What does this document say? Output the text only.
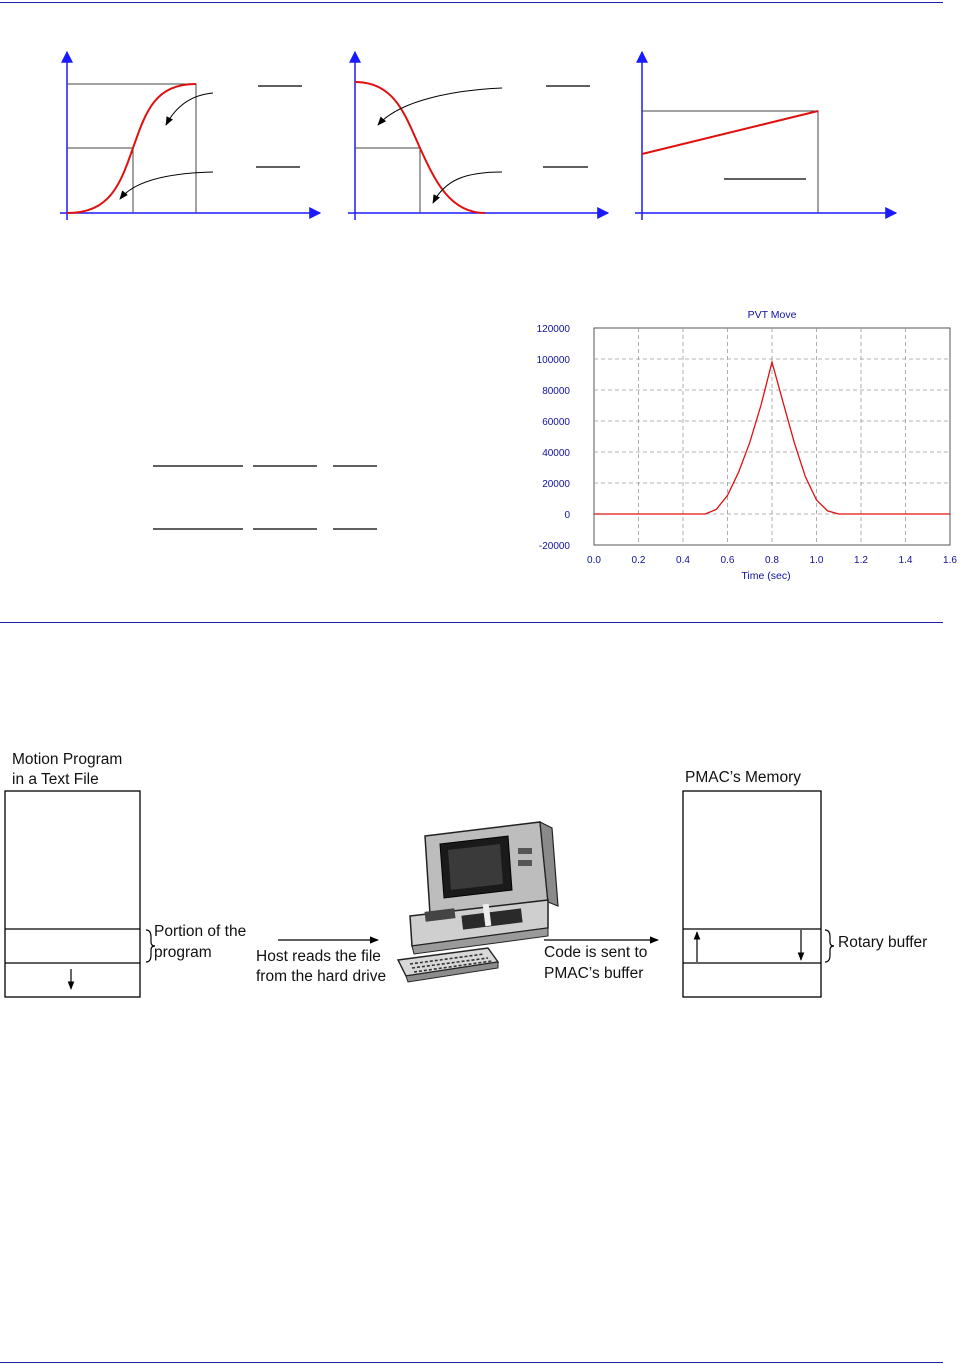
0.0	0.2	0.4	0.6	0.8	1.0	1.2	1.4	1.6
120000
100000
80000
60000
40000
20000
0
-20000
PVT Move
Time (sec)
Motion Program
in a Text File
Portion of the
program	Host reads the file
from the hard drive
Code is sent to
PMAC’s buffer
PMAC’s Memory
Rotary buffer
